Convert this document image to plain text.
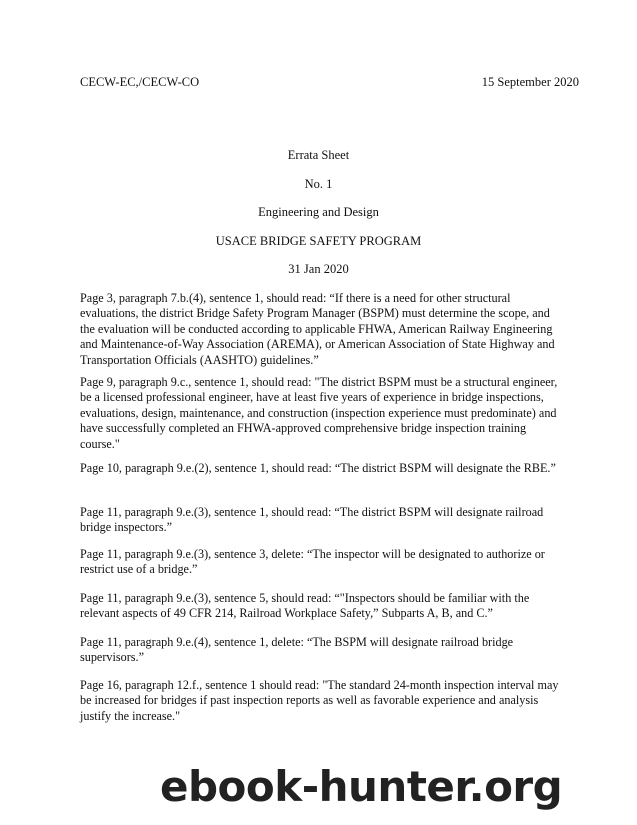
CECW-EC,/CECW-CO	15 September 2020
Errata Sheet
No. 1
Engineering and Design
USACE BRIDGE SAFETY PROGRAM
31 Jan 2020
Page 3, paragraph 7.b.(4), sentence 1, should read: “If there is a need for other structural evaluations, the district Bridge Safety Program Manager (BSPM) must determine the scope, and the evaluation will be conducted according to applicable FHWA, American Railway Engineering and Maintenance-of-Way Association (AREMA), or American Association of State Highway and Transportation Officials (AASHTO) guidelines.”
Page 9, paragraph 9.c., sentence 1, should read: "The district BSPM must be a structural engineer, be a licensed professional engineer, have at least five years of experience in bridge inspections, evaluations, design, maintenance, and construction (inspection experience must predominate) and have successfully completed an FHWA-approved comprehensive bridge inspection training course."
Page 10, paragraph 9.e.(2), sentence 1, should read: “The district BSPM will designate the RBE.”
Page 11, paragraph 9.e.(3), sentence 1, should read: “The district BSPM will designate railroad bridge inspectors.”
Page 11, paragraph 9.e.(3), sentence 3, delete: “The inspector will be designated to authorize or restrict use of a bridge.”
Page 11, paragraph 9.e.(3), sentence 5, should read: “"Inspectors should be familiar with the relevant aspects of 49 CFR 214, Railroad Workplace Safety,” Subparts A, B, and C.”
Page 11, paragraph 9.e.(4), sentence 1, delete: “The BSPM will designate railroad bridge supervisors.”
Page 16, paragraph 12.f., sentence 1 should read: "The standard 24-month inspection interval may be increased for bridges if past inspection reports as well as favorable experience and analysis justify the increase."
ebook-hunter.org
